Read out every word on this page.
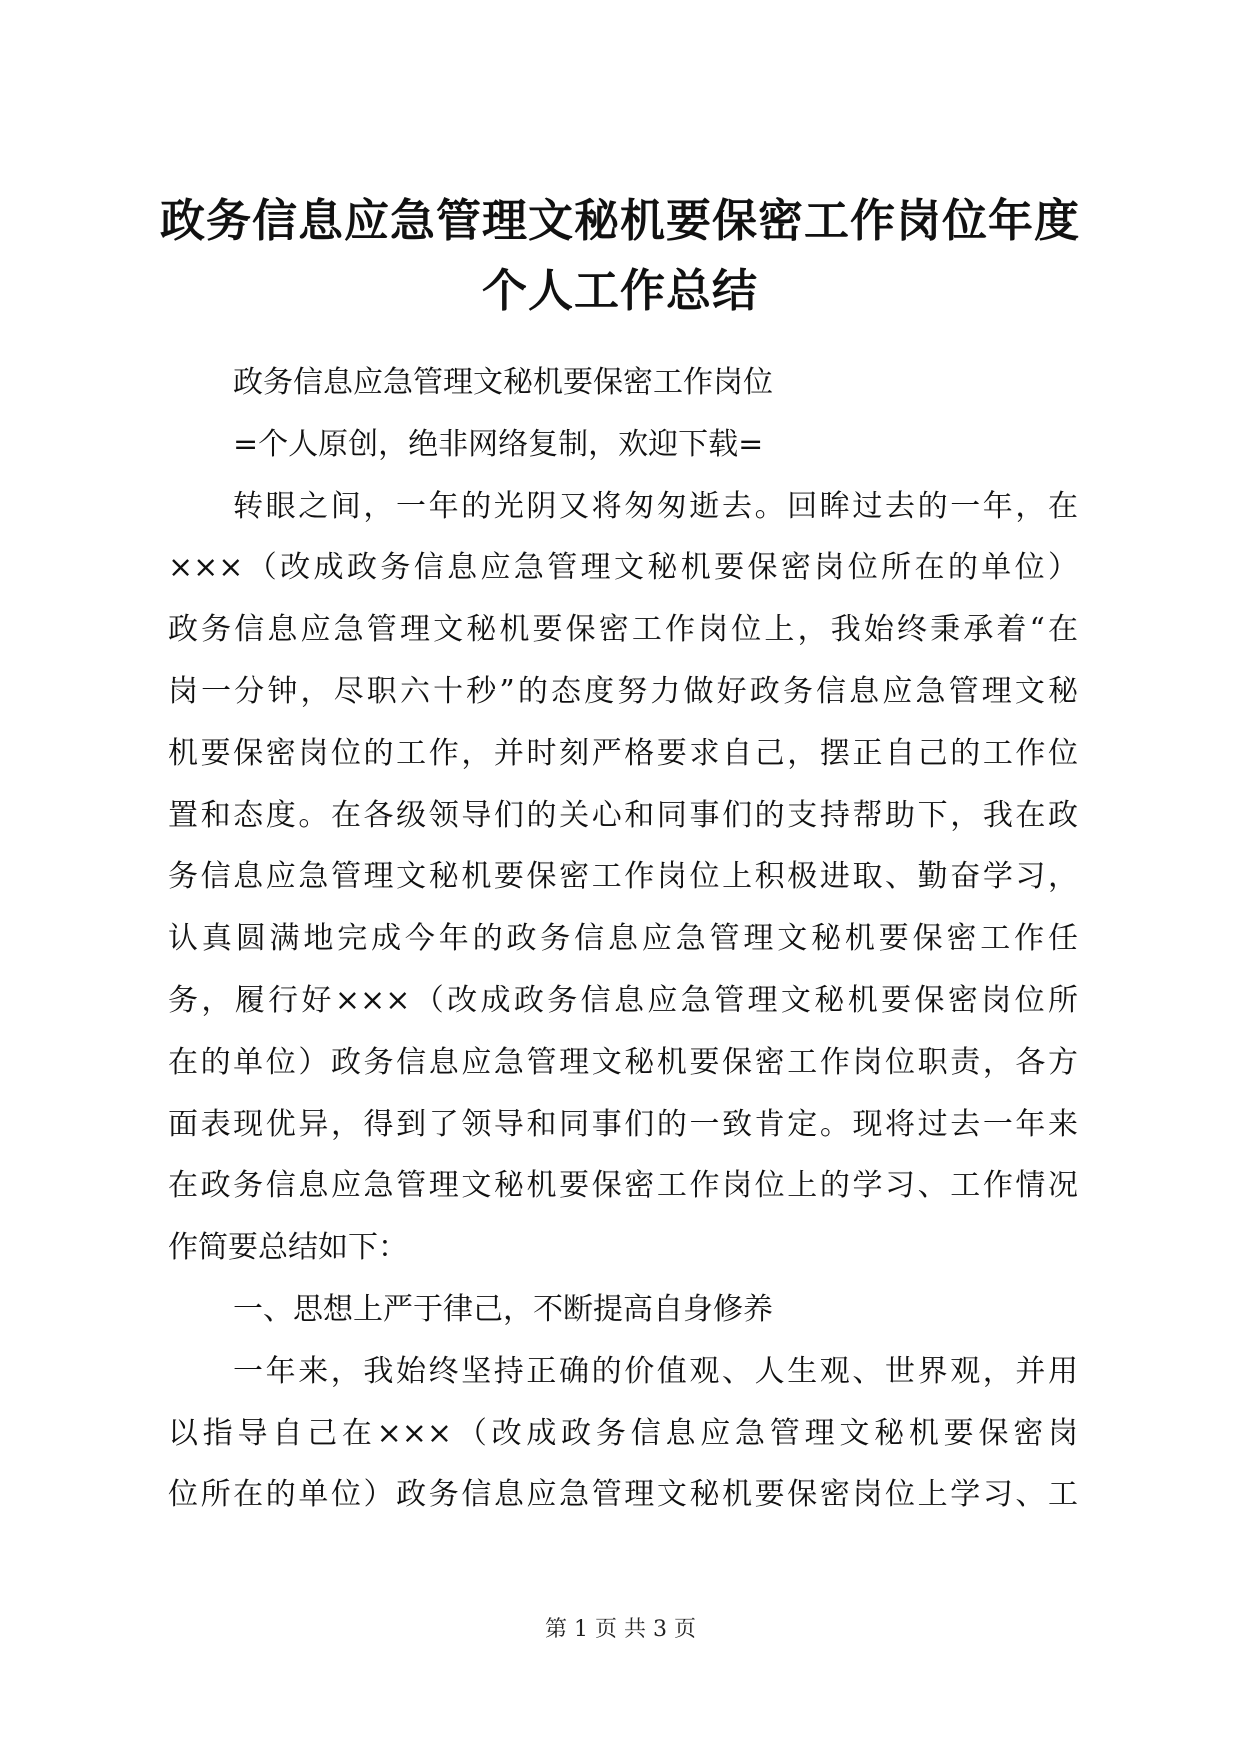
政务信息应急管理文秘机要保密工作岗位年度
个人工作总结
政务信息应急管理文秘机要保密工作岗位
=个人原创，绝非网络复制，欢迎下载=
转眼之间，一年的光阴又将匆匆逝去。回眸过去的一年，在
×××（改成政务信息应急管理文秘机要保密岗位所在的单位）
政务信息应急管理文秘机要保密工作岗位上，我始终秉承着“在
岗一分钟，尽职六十秒”的态度努力做好政务信息应急管理文秘
机要保密岗位的工作，并时刻严格要求自己，摆正自己的工作位
置和态度。在各级领导们的关心和同事们的支持帮助下，我在政
务信息应急管理文秘机要保密工作岗位上积极进取、勤奋学习，
认真圆满地完成今年的政务信息应急管理文秘机要保密工作任
务，履行好×××（改成政务信息应急管理文秘机要保密岗位所
在的单位）政务信息应急管理文秘机要保密工作岗位职责，各方
面表现优异，得到了领导和同事们的一致肯定。现将过去一年来
在政务信息应急管理文秘机要保密工作岗位上的学习、工作情况
作简要总结如下：
一、思想上严于律己，不断提高自身修养
一年来，我始终坚持正确的价值观、人生观、世界观，并用
以指导自己在×××（改成政务信息应急管理文秘机要保密岗
位所在的单位）政务信息应急管理文秘机要保密岗位上学习、工
第 1 页 共 3 页
